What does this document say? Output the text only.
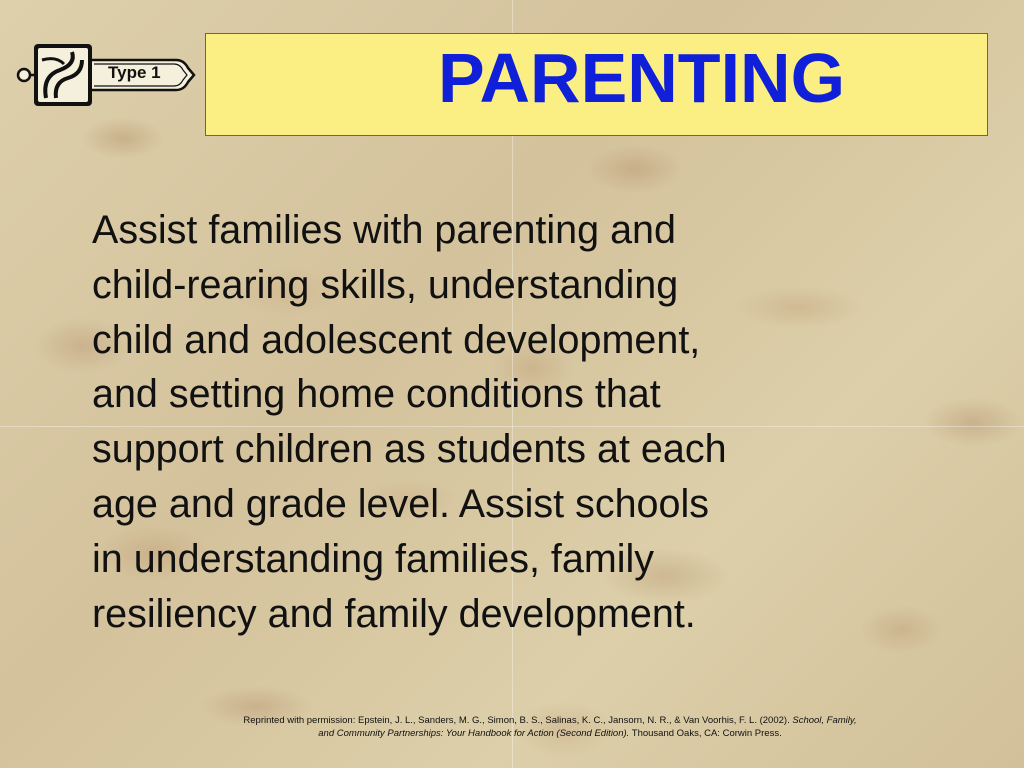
Type 1	PARENTING

Assist families with parenting and
child-rearing skills, understanding
child and adolescent development,
and setting home conditions that
support children as students at each
age and grade level. Assist schools
in understanding families, family
resiliency and family development.

Reprinted with permission: Epstein, J. L., Sanders, M. G., Simon, B. S., Salinas, K. C., Jansorn, N. R., & Van Voorhis, F. L. (2002). School, Family,
and Community Partnerships: Your Handbook for Action (Second Edition). Thousand Oaks, CA: Corwin Press.
